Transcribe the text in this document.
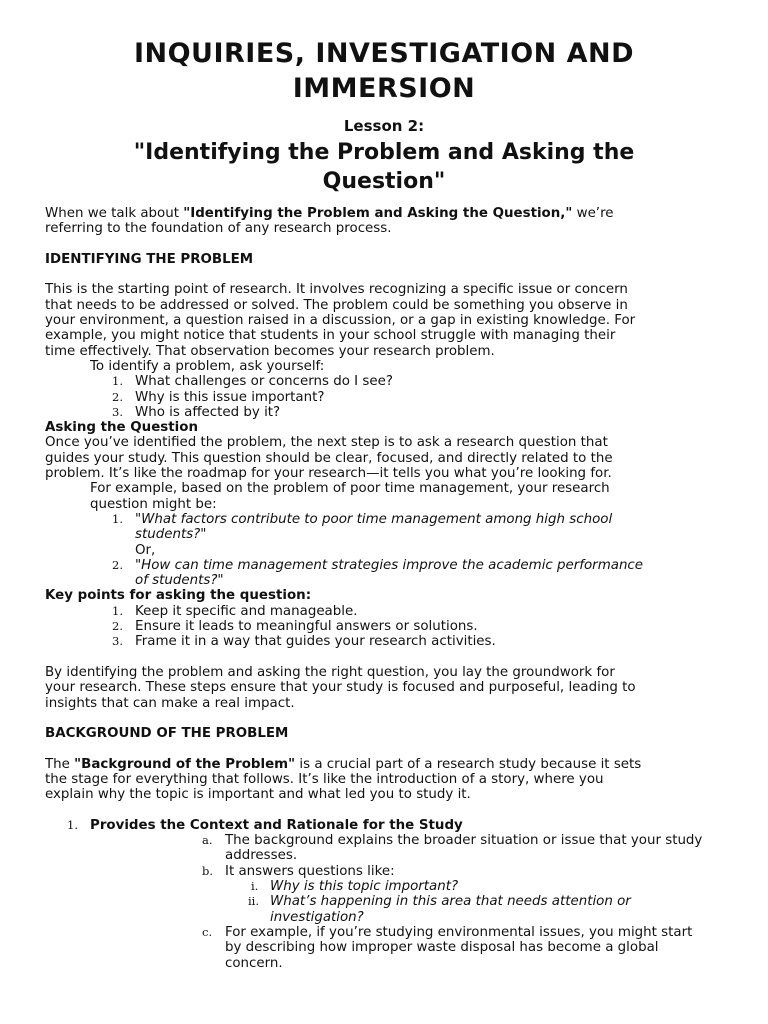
INQUIRIES, INVESTIGATION AND
IMMERSION
Lesson 2:
"Identifying the Problem and Asking the
Question"

When we talk about "Identifying the Problem and Asking the Question," we’re

referring to the foundation of any research process.

IDENTIFYING THE PROBLEM

This is the starting point of research. It involves recognizing a specific issue or concern

that needs to be addressed or solved. The problem could be something you observe in

your environment, a question raised in a discussion, or a gap in existing knowledge. For

example, you might notice that students in your school struggle with managing their

time effectively. That observation becomes your research problem.

To identify a problem, ask yourself:

1. What challenges or concerns do I see?
2. Why is this issue important?
3. Who is affected by it?

Asking the Question

Once you’ve identified the problem, the next step is to ask a research question that

guides your study. This question should be clear, focused, and directly related to the

problem. It’s like the roadmap for your research—it tells you what you’re looking for.

For example, based on the problem of poor time management, your research

question might be:

1. "What factors contribute to poor time management among high school
students?"

Or,

2. "How can time management strategies improve the academic performance
of students?"

Key points for asking the question:

1. Keep it specific and manageable.
2. Ensure it leads to meaningful answers or solutions.
3. Frame it in a way that guides your research activities.

By identifying the problem and asking the right question, you lay the groundwork for

your research. These steps ensure that your study is focused and purposeful, leading to

insights that can make a real impact.

BACKGROUND OF THE PROBLEM

The "Background of the Problem" is a crucial part of a research study because it sets

the stage for everything that follows. It’s like the introduction of a story, where you

explain why the topic is important and what led you to study it.

1. Provides the Context and Rationale for the Study
a. The background explains the broader situation or issue that your study
addresses.
b. It answers questions like:
i. Why is this topic important?
ii. What’s happening in this area that needs attention or
investigation?
c. For example, if you’re studying environmental issues, you might start
by describing how improper waste disposal has become a global
concern.
